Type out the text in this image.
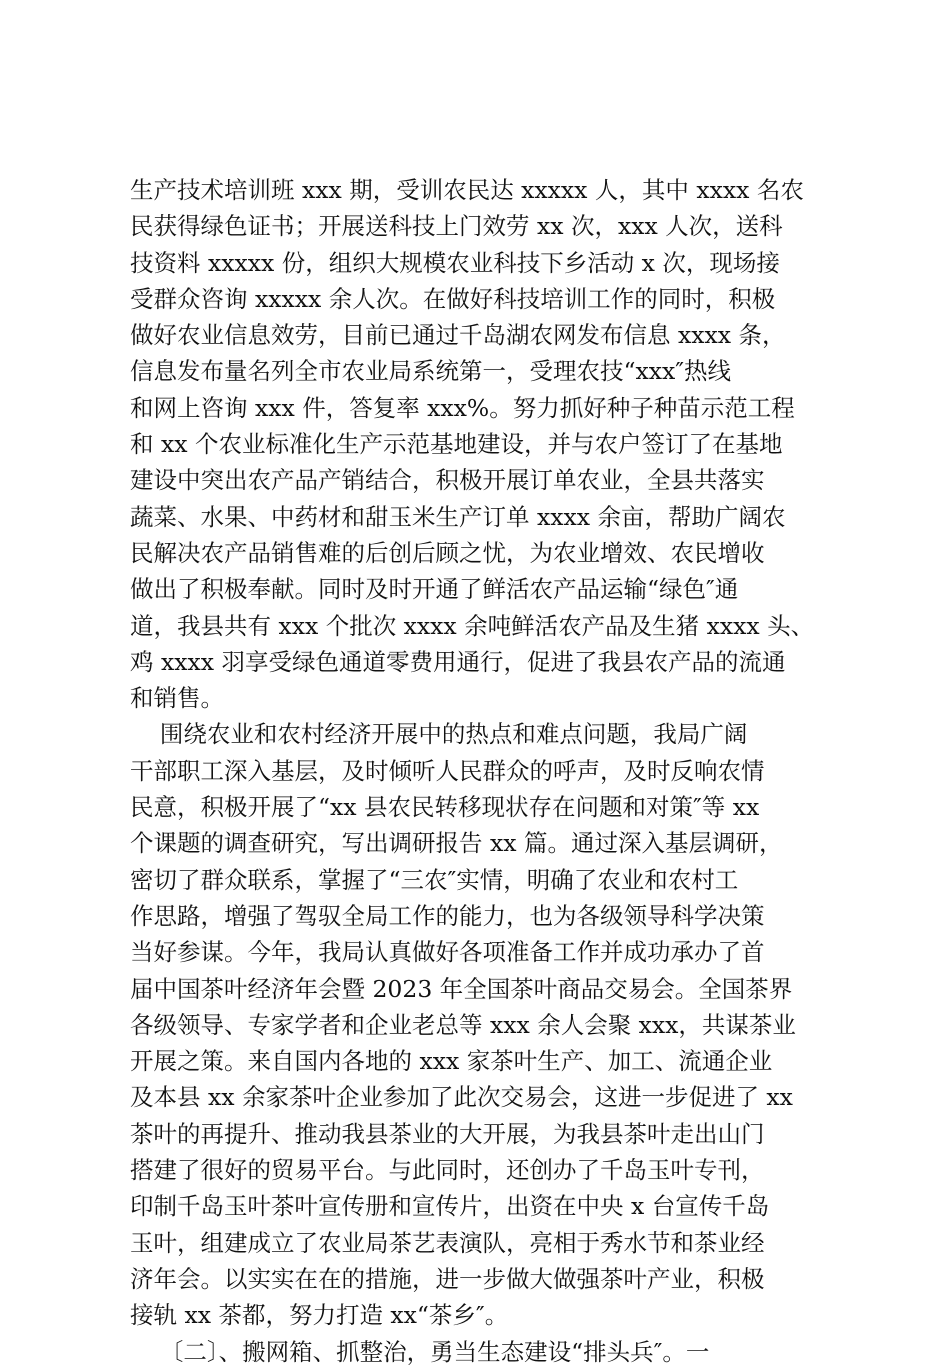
生产技术培训班 xxx 期，受训农民达 xxxxx 人，其中 xxxx 名农
民获得绿色证书；开展送科技上门效劳 xx 次，xxx 人次，送科
技资料 xxxxx 份，组织大规模农业科技下乡活动 x 次，现场接
受群众咨询 xxxxx 余人次。在做好科技培训工作的同时，积极
做好农业信息效劳，目前已通过千岛湖农网发布信息 xxxx 条，
信息发布量名列全市农业局系统第一，受理农技“xxx″热线
和网上咨询 xxx 件，答复率 xxx%。努力抓好种子种苗示范工程
和 xx 个农业标准化生产示范基地建设，并与农户签订了在基地
建设中突出农产品产销结合，积极开展订单农业，全县共落实
蔬菜、水果、中药材和甜玉米生产订单 xxxx 余亩，帮助广阔农
民解决农产品销售难的后创后顾之忧，为农业增效、农民增收
做出了积极奉献。同时及时开通了鲜活农产品运输“绿色″通
道，我县共有 xxx 个批次 xxxx 余吨鲜活农产品及生猪 xxxx 头、
鸡 xxxx 羽享受绿色通道零费用通行，促进了我县农产品的流通
和销售。
围绕农业和农村经济开展中的热点和难点问题，我局广阔
干部职工深入基层，及时倾听人民群众的呼声，及时反响农情
民意，积极开展了“xx 县农民转移现状存在问题和对策″等 xx
个课题的调查研究，写出调研报告 xx 篇。通过深入基层调研，
密切了群众联系，掌握了“三农″实情，明确了农业和农村工
作思路，增强了驾驭全局工作的能力，也为各级领导科学决策
当好参谋。今年，我局认真做好各项准备工作并成功承办了首
届中国茶叶经济年会暨 2023 年全国茶叶商品交易会。全国茶界
各级领导、专家学者和企业老总等 xxx 余人会聚 xxx，共谋茶业
开展之策。来自国内各地的 xxx 家茶叶生产、加工、流通企业
及本县 xx 余家茶叶企业参加了此次交易会，这进一步促进了 xx
茶叶的再提升、推动我县茶业的大开展，为我县茶叶走出山门
搭建了很好的贸易平台。与此同时，还创办了千岛玉叶专刊，
印制千岛玉叶茶叶宣传册和宣传片，出资在中央 x 台宣传千岛
玉叶，组建成立了农业局茶艺表演队，亮相于秀水节和茶业经
济年会。以实实在在的措施，进一步做大做强茶叶产业，积极
接轨 xx 茶都，努力打造 xx“茶乡″。
〔二〕、搬网箱、抓整治，勇当生态建设“排头兵″。一
